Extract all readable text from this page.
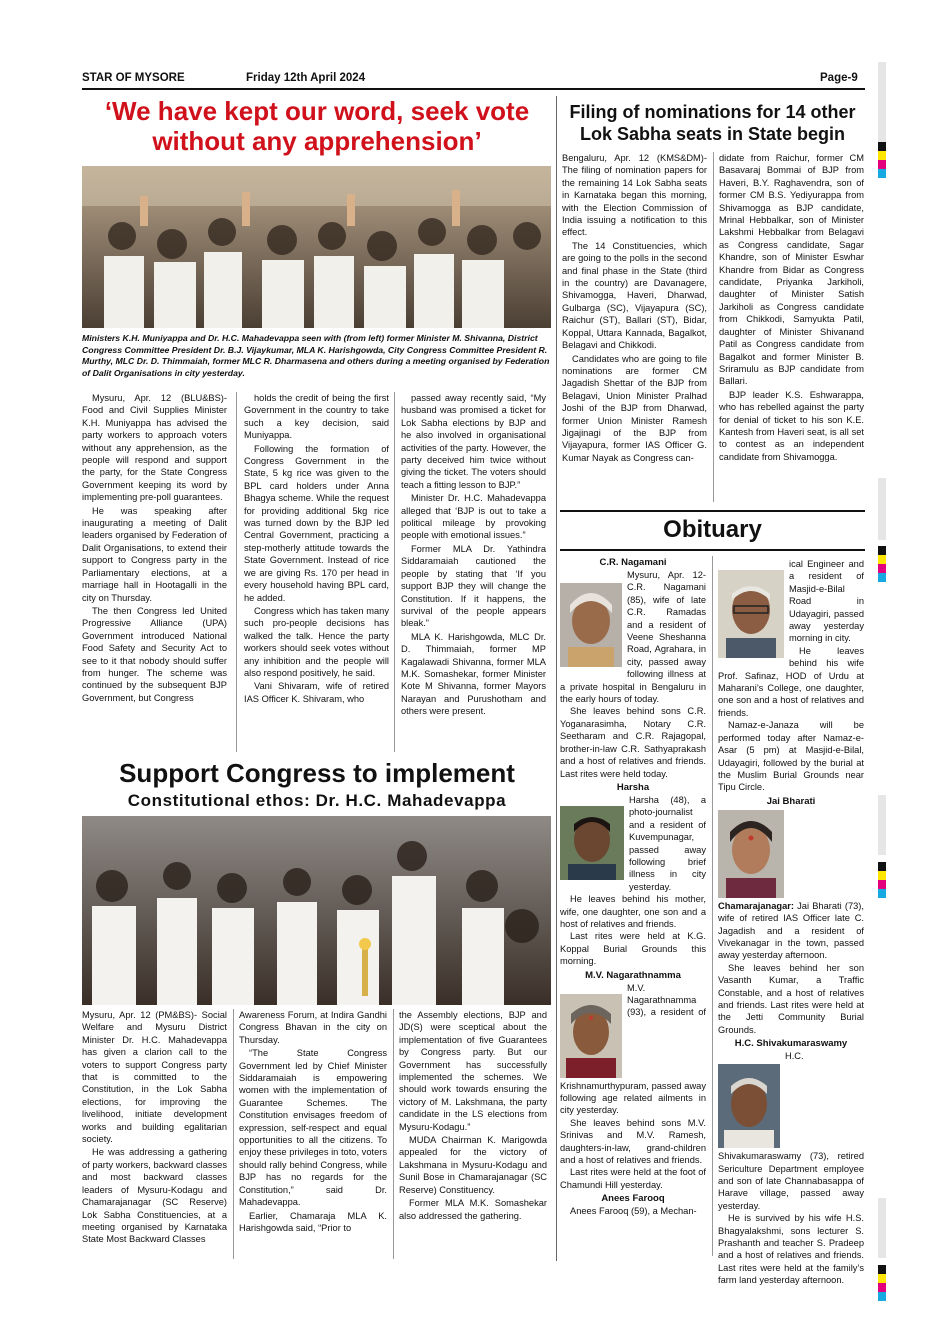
STAR OF MYSORE	Friday 12th April 2024	Page-9
‘We have kept our word, seek vote
without any apprehension’
Ministers K.H. Muniyappa and Dr. H.C. Mahadevappa seen with (from left) former Minister M. Shivanna, District Congress Committee President Dr. B.J. Vijaykumar, MLA K. Harishgowda, City Congress Committee President R. Murthy, MLC Dr. D. Thimmaiah, former MLC R. Dharmasena and others during a meeting organised by Federation of Dalit Organisations in city yesterday.

Mysuru, Apr. 12 (BLU&BS)- Food and Civil Supplies Minister K.H. Muniyappa has advised the party workers to approach voters without any apprehension, as the people will respond and support the party, for the State Congress Government keeping its word by implementing pre-poll guarantees.

He was speaking after inaugurating a meeting of Dalit leaders organised by Federation of Dalit Organisations, to extend their support to Congress party in the Parliamentary elections, at a marriage hall in Hootagalli in the city on Thursday.

The then Congress led United Progressive Alliance (UPA) Government introduced National Food Safety and Security Act to see to it that nobody should suffer from hunger. The scheme was continued by the subsequent BJP Government, but Congress

holds the credit of being the first Government in the country to take such a key decision, said Muniyappa.

Following the formation of Congress Government in the State, 5 kg rice was given to the BPL card holders under Anna Bhagya scheme. While the request for providing additional 5kg rice was turned down by the BJP led Central Government, practicing a step-motherly attitude towards the State Government. Instead of rice we are giving Rs. 170 per head in every household having BPL card, he added.

Congress which has taken many such pro-people decisions has walked the talk. Hence the party workers should seek votes without any inhibition and the people will also respond positively, he said.

Vani Shivaram, wife of retired IAS Officer K. Shivaram, who

passed away recently said, “My husband was promised a ticket for Lok Sabha elections by BJP and he also involved in organisational activities of the party. However, the party deceived him twice without giving the ticket. The voters should teach a fitting lesson to BJP.”

Minister Dr. H.C. Mahadevappa alleged that ‘BJP is out to take a political mileage by provoking people with emotional issues.”

Former MLA Dr. Yathindra Siddaramaiah cautioned the people by stating that ‘If you support BJP they will change the Constitution. If it happens, the survival of the people appears bleak.”

MLA K. Harishgowda, MLC Dr. D. Thimmaiah, former MP Kagalawadi Shivanna, former MLA M.K. Somashekar, former Minister Kote M Shivanna, former Mayors Narayan and Purushotham and others were present.

Support Congress to implement
Constitutional ethos: Dr. H.C. Mahadevappa

Mysuru, Apr. 12 (PM&BS)- Social Welfare and Mysuru District Minister Dr. H.C. Mahadevappa has given a clarion call to the voters to support Congress party that is committed to the Constitution, in the Lok Sabha elections, for improving the livelihood, initiate development works and building egalitarian society.

He was addressing a gathering of party workers, backward classes and most backward classes leaders of Mysuru-Kodagu and Chamarajanagar (SC Reserve) Lok Sabha Constituencies, at a meeting organised by Karnataka State Most Backward Classes

Awareness Forum, at Indira Gandhi Congress Bhavan in the city on Thursday.

“The State Congress Government led by Chief Minister Siddaramaiah is empowering women with the implementation of Guarantee Schemes. The Constitution envisages freedom of expression, self-respect and equal opportunities to all the citizens. To enjoy these privileges in toto, voters should rally behind Congress, while BJP has no regards for the Constitution,” said Dr. Mahadevappa.

Earlier, Chamaraja MLA K. Harishgowda said, “Prior to

the Assembly elections, BJP and JD(S) were sceptical about the implementation of five Guarantees by Congress party. But our Government has successfully implemented the schemes. We should work towards ensuring the victory of M. Lakshmana, the party candidate in the LS elections from Mysuru-Kodagu.”

MUDA Chairman K. Marigowda appealed for the victory of Lakshmana in Mysuru-Kodagu and Sunil Bose in Chamarajanagar (SC Reserve) Constituency.

Former MLA M.K. Somashekar also addressed the gathering.

Filing of nominations for 14 other
Lok Sabha seats in State begin

Bengaluru, Apr. 12 (KMS&DM)- The filing of nomination papers for the remaining 14 Lok Sabha seats in Karnataka began this morning, with the Election Commission of India issuing a notification to this effect.

The 14 Constituencies, which are going to the polls in the second and final phase in the State (third in the country) are Davanagere, Shivamogga, Haveri, Dharwad, Gulbarga (SC), Vijayapura (SC), Raichur (ST), Ballari (ST), Bidar, Koppal, Uttara Kannada, Bagalkot, Belagavi and Chikkodi.

Candidates who are going to file nominations are former CM Jagadish Shettar of the BJP from Belagavi, Union Minister Pralhad Joshi of the BJP from Dharwad, former Union Minister Ramesh Jigajinagi of the BJP from Vijayapura, former IAS Officer G. Kumar Nayak as Congress can-

didate from Raichur, former CM Basavaraj Bommai of BJP from Haveri, B.Y. Raghavendra, son of former CM B.S. Yediyurappa from Shivamogga as BJP candidate, Mrinal Hebbalkar, son of Minister Lakshmi Hebbalkar from Belagavi as Congress candidate, Sagar Khandre, son of Minister Eswhar Khandre from Bidar as Congress candidate, Priyanka Jarkiholi, daughter of Minister Satish Jarkiholi as Congress candidate from Chikkodi, Samyukta Patil, daughter of Minister Shivanand Patil as Congress candidate from Bagalkot and former Minister B. Sriramulu as BJP candidate from Ballari.

BJP leader K.S. Eshwarappa, who has rebelled against the party for denial of ticket to his son K.E. Kantesh from Haveri seat, is all set to contest as an independent candidate from Shivamogga.

Obituary
C.R. Nagamani
Mysuru, Apr. 12- C.R. Nagamani (85), wife of late C.R. Ramadas and a resident of Veene Sheshanna Road, Agrahara, in city, passed away following illness at a private hospital in Bengaluru in the early hours of today.

She leaves behind sons C.R. Yoganarasimha, Notary C.R. Seetharam and C.R. Rajagopal, brother-in-law C.R. Sathyaprakash and a host of relatives and friends. Last rites were held today.

Harsha
Harsha (48), a photo-journalist and a resident of Kuvempunagar, passed away following brief illness in city yesterday.

He leaves behind his mother, wife, one daughter, one son and a host of relatives and friends.

Last rites were held at K.G. Koppal Burial Grounds this morning.

M.V. Nagarathnamma
M.V. Nagarathnamma (93), a resident of Krishnamurthypuram, passed away following age related ailments in city yesterday.

She leaves behind sons M.V. Srinivas and M.V. Ramesh, daughters-in-law, grand-children and a host of relatives and friends.

Last rites were held at the foot of Chamundi Hill yesterday.

Anees Farooq
Anees Farooq (59), a Mechan-
ical Engineer and a resident of Masjid-e-Bilal Road in Udayagiri, passed away yesterday morning in city.

He leaves behind his wife Prof. Safinaz, HOD of Urdu at Maharani’s College, one daughter, one son and a host of relatives and friends.

Namaz-e-Janaza will be performed today after Namaz-e-Asar (5 pm) at Masjid-e-Bilal, Udayagiri, followed by the burial at the Muslim Burial Grounds near Tipu Circle.

Jai Bharati
Chamarajanagar: Jai Bharati (73), wife of retired IAS Officer late C. Jagadish and a resident of Vivekanagar in the town, passed away yesterday afternoon.

She leaves behind her son Vasanth Kumar, a Traffic Constable, and a host of relatives and friends. Last rites were held at the Jetti Community Burial Grounds.

H.C. Shivakumaraswamy
H.C. Shivakumaraswamy (73), retired Sericulture Department employee and son of late Channabasappa of Harave village, passed away yesterday.

He is survived by his wife H.S. Bhagyalakshmi, sons lecturer S. Prashanth and teacher S. Pradeep and a host of relatives and friends. Last rites were held at the family’s farm land yesterday afternoon.
